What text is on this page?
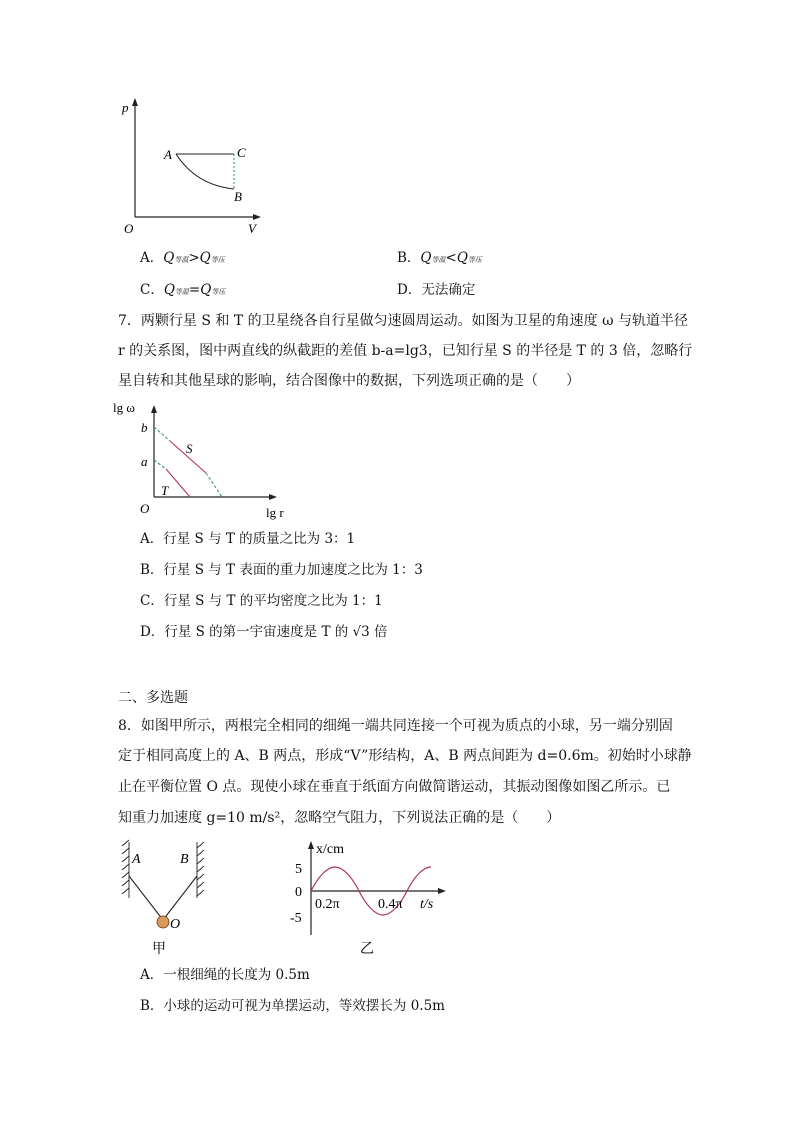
p
V
O
A	C
B
A．Q等温>Q等压	B．Q等温<Q等压
C．Q等温=Q等压	D．无法确定
7．两颗行星 S 和 T 的卫星绕各自行星做匀速圆周运动。如图为卫星的角速度 ω 与轨道半径
r 的关系图，图中两直线的纵截距的差值 b-a=lg3，已知行星 S 的半径是 T 的 3 倍，忽略行
星自转和其他星球的影响，结合图像中的数据，下列选项正确的是（　　）
lg ω
lg r
O
b
a
S
T
A．行星 S 与 T 的质量之比为 3：1
B．行星 S 与 T 表面的重力加速度之比为 1：3
C．行星 S 与 T 的平均密度之比为 1：1
D．行星 S 的第一宇宙速度是 T 的 √3 倍
二、多选题
8．如图甲所示，两根完全相同的细绳一端共同连接一个可视为质点的小球，另一端分别固
定于相同高度上的 A、B 两点，形成“V”形结构，A、B 两点间距为 d=0.6m。初始时小球静
止在平衡位置 O 点。现使小球在垂直于纸面方向做简谐运动，其振动图像如图乙所示。已
知重力加速度 g=10 m/s²，忽略空气阻力，下列说法正确的是（　　）
A	B
O
甲
x/cm
t/s
5
0
-5
0.2π	0.4π
乙
A．一根细绳的长度为 0.5m
B．小球的运动可视为单摆运动，等效摆长为 0.5m
